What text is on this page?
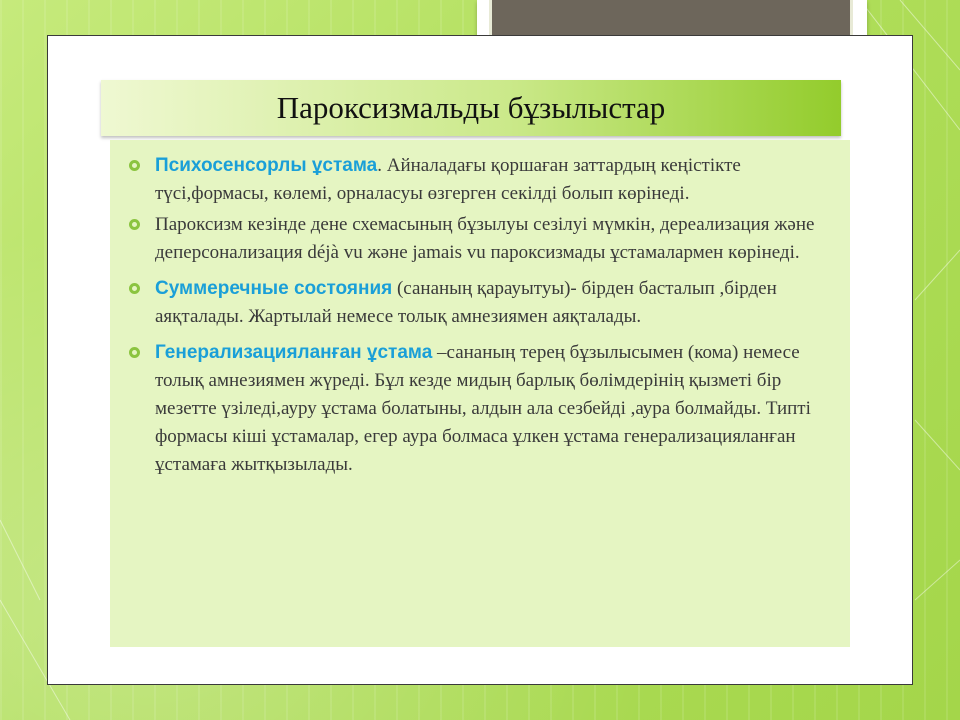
Пароксизмальды бұзылыстар

Психосенсорлы ұстама. Айналадағы қоршаған заттардың кеңістікте түсі,формасы, көлемі, орналасуы өзгерген секілді болып көрінеді.

Пароксизм кезінде дене схемасының бұзылуы сезілуі мүмкін, дереализация және деперсонализация déjà vu және jamais vu пароксизмады ұстамалармен көрінеді.

Суммеречные состояния (сананың қарауытуы)- бірден басталып ,бірден аяқталады. Жартылай немесе толық амнезиямен аяқталады.

Генерализацияланған ұстама –сананың терең бұзылысымен (кома) немесе толық амнезиямен жүреді. Бұл кезде мидың барлық бөлімдерінің қызметі бір мезетте үзіледі,ауру ұстама болатыны, алдын ала сезбейді ,аура болмайды. Типті формасы кіші ұстамалар, егер аура болмаса ұлкен ұстама генерализацияланған ұстамаға жытқызылады.
